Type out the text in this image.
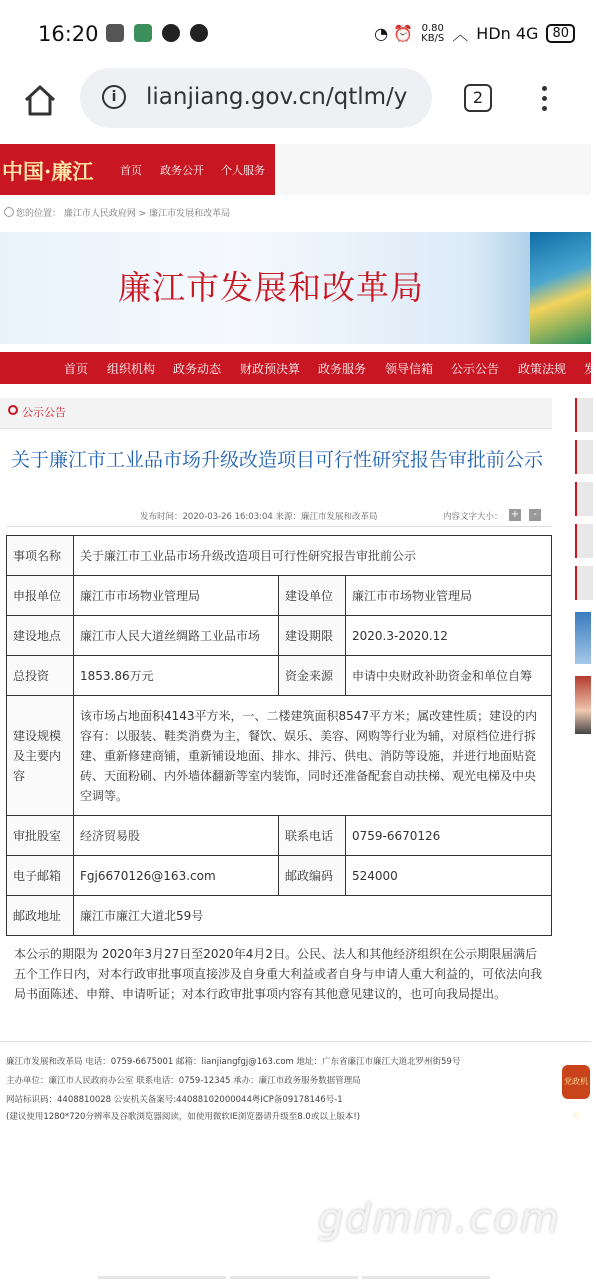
16:20	◔ ⏰ 0.80
KB/S ︿ HDn 4G	80
i	lianjiang.gov.cn/qtlm/y	2
中国·廉江 首页 政务公开 个人服务
您的位置： 廉江市人民政府网 > 廉江市发展和改革局
廉江市发展和改革局
首页 组织机构 政务动态 财政预决算 政务服务 领导信箱 公示公告 政策法规 发
公示公告
关于廉江市工业品市场升级改造项目可行性研究报告审批前公示
发布时间：2020-03-26 16:03:04 来源：廉江市发展和改革局	内容文字大小： +	-
事项名称	关于廉江市工业品市场升级改造项目可行性研究报告审批前公示		
申报单位	廉江市市场物业管理局	建设单位	廉江市市场物业管理局
建设地点	廉江市人民大道丝绸路工业品市场	建设期限	2020.3-2020.12
总投资	1853.86万元	资金来源	申请中央财政补助资金和单位自筹
建设规模及主要内容	该市场占地面积4143平方米，一、二楼建筑面积8547平方米；属改建性质；建设的内容有：以服装、鞋类消费为主，餐饮、娱乐、美容、网购等行业为辅，对原档位进行拆建、重新修建商铺，重新铺设地面、排水、排污、供电、消防等设施，并进行地面贴瓷砖、天面粉刷、内外墙体翻新等室内装饰，同时还准备配套自动扶梯、观光电梯及中央空调等。		
审批股室	经济贸易股	联系电话	0759-6670126
电子邮箱	Fgj6670126@163.com	邮政编码	524000
邮政地址	廉江市廉江大道北59号		
本公示的期限为 2020年3月27日至2020年4月2日。公民、法人和其他经济组织在公示期限届满后五个工作日内，对本行政审批事项直接涉及自身重大利益或者自身与申请人重大利益的，可依法向我局书面陈述、申辩、申请听证；对本行政审批事项内容有其他意见建议的，也可向我局提出。
廉江市发展和改革局 电话：0759-6675001 邮箱：lianjiangfgj@163.com 地址：广东省廉江市廉江大道北罗州街59号
主办单位：廉江市人民政府办公室 联系电话：0759-12345 承办：廉江市政务服务数据管理局
网站标识码：4408810028 公安机关备案号:44088102000044粤ICP备09178146号-1
(建议使用1280*720分辨率及谷歌浏览器阅读，如使用微软IE浏览器请升级至8.0或以上版本!)
党政机关
gdmm.com
